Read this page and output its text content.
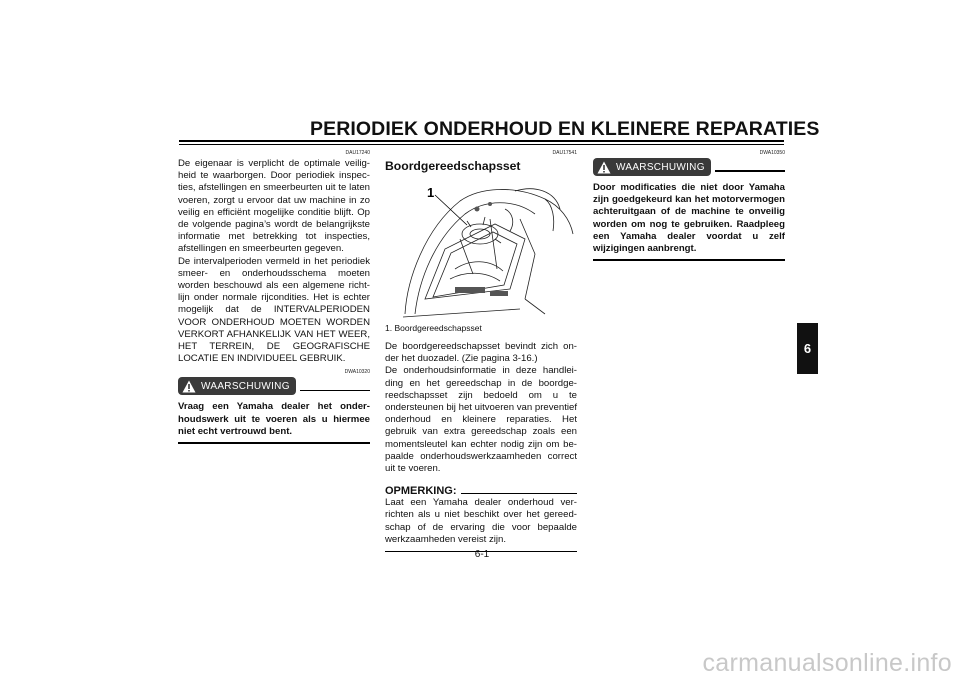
PERIODIEK ONDERHOUD EN KLEINERE REPARATIES
DAU17240

De eigenaar is verplicht de optimale veiligheid te waarborgen. Door periodiek inspecties, afstellingen en smeerbeurten uit te laten voeren, zorgt u ervoor dat uw machine in zo veilig en efficiënt mogelijke conditie blijft. Op de volgende pagina’s wordt de belangrijkste informatie met betrekking tot inspecties, afstellingen en smeerbeurten gegeven.

De intervalperioden vermeld in het periodiek smeer- en onderhoudsschema moeten worden beschouwd als een algemene richtlijn onder normale rijcondities. Het is echter mogelijk dat de INTERVALPERIODEN VOOR ONDERHOUD MOETEN WORDEN VERKORT AFHANKELIJK VAN HET WEER, HET TERREIN, DE GEOGRAFISCHE LOCATIE EN INDIVIDUEEL GEBRUIK.

DWA10320
WAARSCHUWING

Vraag een Yamaha dealer het onderhoudswerk uit te voeren als u hiermee niet echt vertrouwd bent.

DAU17541
Boordgereedschapsset
1
1. Boordgereedschapsset

De boordgereedschapsset bevindt zich onder het duozadel. (Zie pagina 3-16.)

De onderhoudsinformatie in deze handleiding en het gereedschap in de boordgereedschapsset zijn bedoeld om u te ondersteunen bij het uitvoeren van preventief onderhoud en kleinere reparaties. Het gebruik van extra gereedschap zoals een momentsleutel kan echter nodig zijn om bepaalde onderhoudswerkzaamheden correct uit te voeren.

OPMERKING:

Laat een Yamaha dealer onderhoud verrichten als u niet beschikt over het gereedschap of de ervaring die voor bepaalde werkzaamheden vereist zijn.

DWA10350
WAARSCHUWING

Door modificaties die niet door Yamaha zijn goedgekeurd kan het motorvermogen achteruitgaan of de machine te onveilig worden om nog te gebruiken. Raadpleeg een Yamaha dealer voordat u zelf wijzigingen aanbrengt.

6
6-1
carmanualsonline.info
